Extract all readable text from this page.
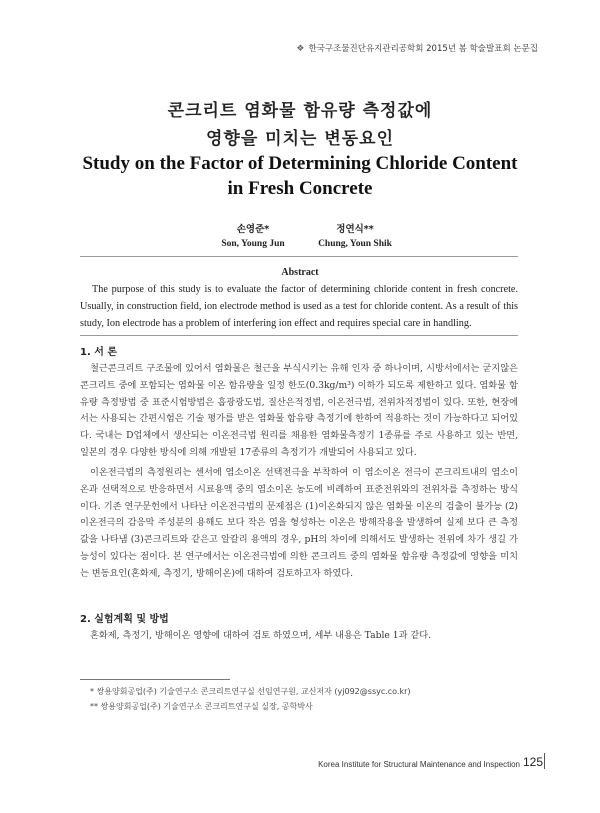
❖ 한국구조물진단유지관리공학회 2015년 봄 학술발표회 논문집
콘크리트 염화물 함유량 측정값에
영향을 미치는 변동요인
Study on the Factor of Determining Chloride Content
in Fresh Concrete
손영준*
Son, Young Jun
정연식**
Chung, Youn Shik
Abstract
The purpose of this study is to evaluate the factor of determining chloride content in fresh concrete. Usually, in construction field, ion electrode method is used as a test for chloride content. As a result of this study, Ion electrode has a problem of interfering ion effect and requires special care in handling.
1. 서 론
철근콘크리트 구조물에 있어서 염화물은 철근을 부식시키는 유해 인자 중 하나이며, 시방서에서는 굳지않은 콘크리트 중에 포함되는 염화물 이온 함유량을 일정 한도(0.3kg/m³) 이하가 되도록 제한하고 있다. 염화물 함유량 측정방법 중 표준시험방법은 흡광광도법, 질산은적정법, 이온전극법, 전위차적정법이 있다. 또한, 현장에서는 사용되는 간편시험은 기술 평가를 받은 염화물 함유량 측정기에 한하여 적용하는 것이 가능하다고 되어있다. 국내는 D업체에서 생산되는 이온전극법 원리를 채용한 염화물측정기 1종류를 주로 사용하고 있는 반면, 일본의 경우 다양한 방식에 의해 개발된 17종류의 측정기가 개발되어 사용되고 있다.
이온전극법의 측정원리는 센서에 염소이온 선택전극을 부착하여 이 염소이온 전극이 콘크리트내의 염소이온과 선택적으로 반응하면서 시료용액 중의 염소이온 농도에 비례하여 표준전위와의 전위차를 측정하는 방식이다. 기존 연구문헌에서 나타난 이온전극법의 문제점은 (1)이온화되지 않은 염화물 이온의 검출이 불가능 (2)이온전극의 감응막 주성분의 용해도 보다 작은 염을 형성하는 이온은 방해작용을 발생하여 실제 보다 큰 측정값을 나타냄 (3)콘크리트와 같은고 알칼리 용액의 경우, pH의 차이에 의해서도 발생하는 전위에 차가 생길 가능성이 있다는 점이다. 본 연구에서는 이온전극법에 의한 콘크리트 중의 염화물 함유량 측정값에 영향을 미치는 변동요인(혼화제, 측정기, 방해이온)에 대하여 검토하고자 하였다.
2. 실험계획 및 방법
혼화제, 측정기, 방해이온 영향에 대하여 검토 하였으며, 세부 내용은 Table 1과 같다.
* 쌍용양회공업(주) 기술연구소 콘크리트연구실 선임연구원, 교신저자 (yj092@ssyc.co.kr)
** 쌍용양회공업(주) 기술연구소 콘크리트연구실 실장, 공학박사
Korea Institute for Structural Maintenance and Inspection 125
